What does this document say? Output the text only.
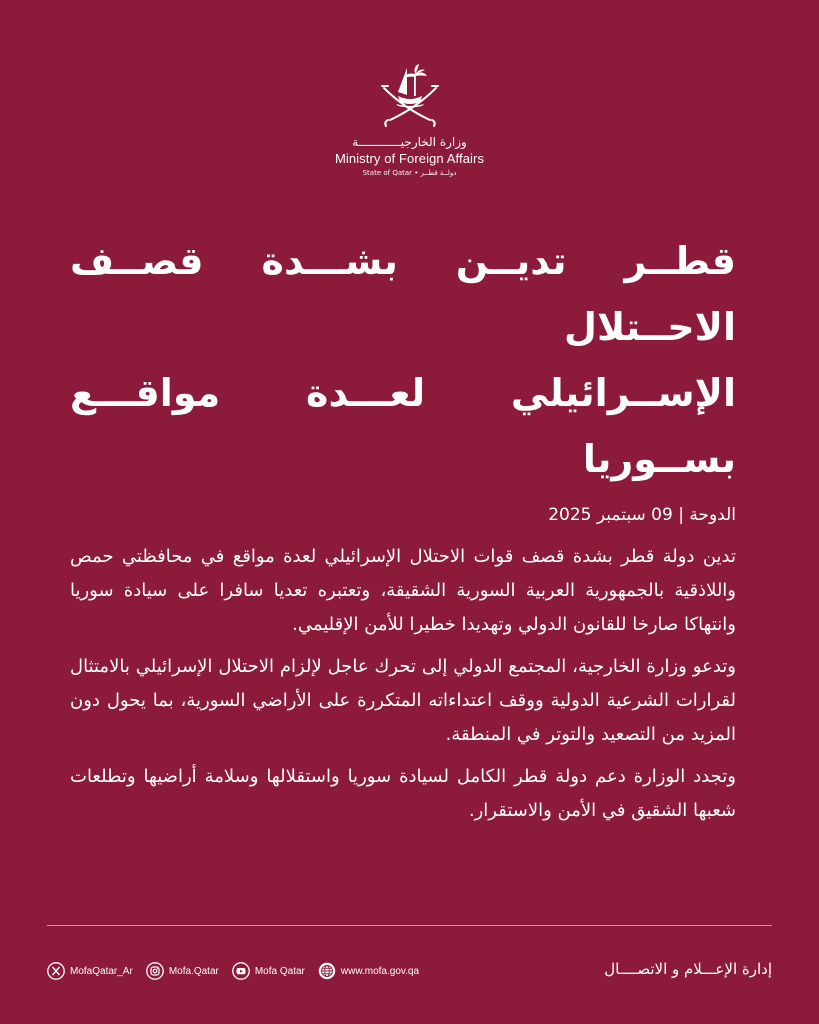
وزارة الخارجيــــــــــــة
Ministry of Foreign Affairs
State of Qatar • دولــة قطــر
قطــر تديــن بشـــدة قصــف الاحــتلال
الإســرائيلي لعـــدة مواقـــع بســوريا
الدوحة | 09 سبتمبر 2025

تدين دولة قطر بشدة قصف قوات الاحتلال الإسرائيلي لعدة مواقع في محافظتي حمص واللاذقية بالجمهورية العربية السورية الشقيقة، وتعتبره تعديا سافرا على سيادة سوريا وانتهاكا صارخا للقانون الدولي وتهديدا خطيرا للأمن الإقليمي.

وتدعو وزارة الخارجية، المجتمع الدولي إلى تحرك عاجل لإلزام الاحتلال الإسرائيلي بالامتثال لقرارات الشرعية الدولية ووقف اعتداءاته المتكررة على الأراضي السورية، بما يحول دون المزيد من التصعيد والتوتر في المنطقة.

وتجدد الوزارة دعم دولة قطر الكامل لسيادة سوريا واستقلالها وسلامة أراضيها وتطلعات شعبها الشقيق في الأمن والاستقرار.

MofaQatar_Ar	Mofa.Qatar	Mofa Qatar	www.mofa.gov.qa	إدارة الإعـــلام و الاتصــــال
